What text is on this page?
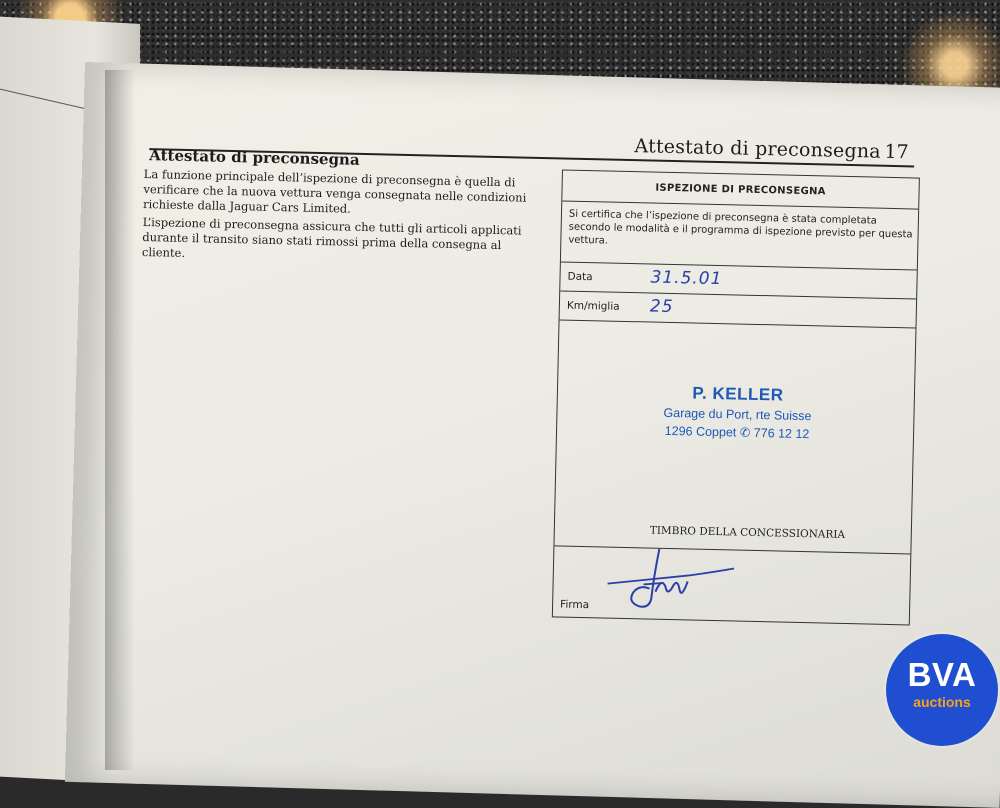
Attestato di preconsegna 17
Attestato di preconsegna

La funzione principale dell’ispezione di preconsegna è quella di verificare che la nuova vettura venga consegnata nelle condizioni richieste dalla Jaguar Cars Limited.

L’ispezione di preconsegna assicura che tutti gli articoli applicati durante il transito siano stati rimossi prima della consegna al cliente.

ISPEZIONE DI PRECONSEGNA
Si certifica che l’ispezione di preconsegna è stata completata secondo le modalità e il programma di ispezione previsto per questa vettura.
Data	31.5.01
Km/miglia 25
P. KELLER
Garage du Port, rte Suisse
1296 Coppet ✆ 776 12 12
TIMBRO DELLA CONCESSIONARIA
Firma
BVA
auctions
